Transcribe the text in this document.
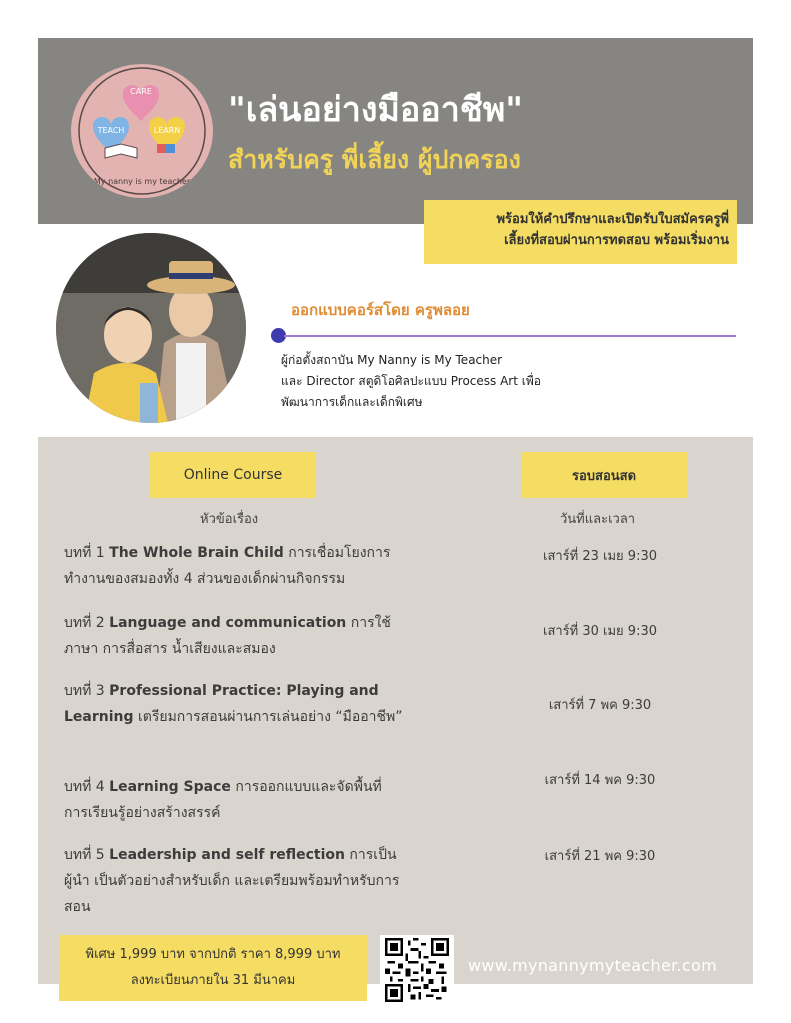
CARE
TEACH	LEARN
My nanny is my teacher
"เล่นอย่างมืออาชีพ"
สำหรับครู พี่เลี้ยง ผู้ปกครอง
พร้อมให้คำปรึกษาและเปิดรับใบสมัครครูพี่
เลี้ยงที่สอบผ่านการทดสอบ พร้อมเริ่มงาน
ออกแบบคอร์สโดย ครูพลอย
ผู้ก่อตั้งสถาบัน My Nanny is My Teacher
และ Director สตูดิโอศิลปะแบบ Process Art เพื่อ
พัฒนาการเด็กและเด็กพิเศษ
Online Course	รอบสอนสด
หัวข้อเรื่อง	วันที่และเวลา
บทที่ 1 The Whole Brain Child การเชื่อมโยงการทำงานของสมองทั้ง 4 ส่วนของเด็กผ่านกิจกรรม
เสาร์ที่ 23 เมย 9:30
บทที่ 2 Language and communication การใช้ภาษา การสื่อสาร น้ำเสียงและสมอง
เสาร์ที่ 30 เมย 9:30
บทที่ 3 Professional Practice: Playing and Learning เตรียมการสอนผ่านการเล่นอย่าง “มืออาชีพ”
เสาร์ที่ 7 พค 9:30
บทที่ 4 Learning Space การออกแบบและจัดพื้นที่การเรียนรู้อย่างสร้างสรรค์
เสาร์ที่ 14 พค 9:30
บทที่ 5 Leadership and self reflection การเป็นผู้นำ เป็นตัวอย่างสำหรับเด็ก และเตรียมพร้อมทำหรับการสอน
เสาร์ที่ 21 พค 9:30
พิเศษ 1,999 บาท จากปกติ ราคา 8,999 บาท
ลงทะเบียนภายใน 31 มีนาคม
www.mynannymyteacher.com
